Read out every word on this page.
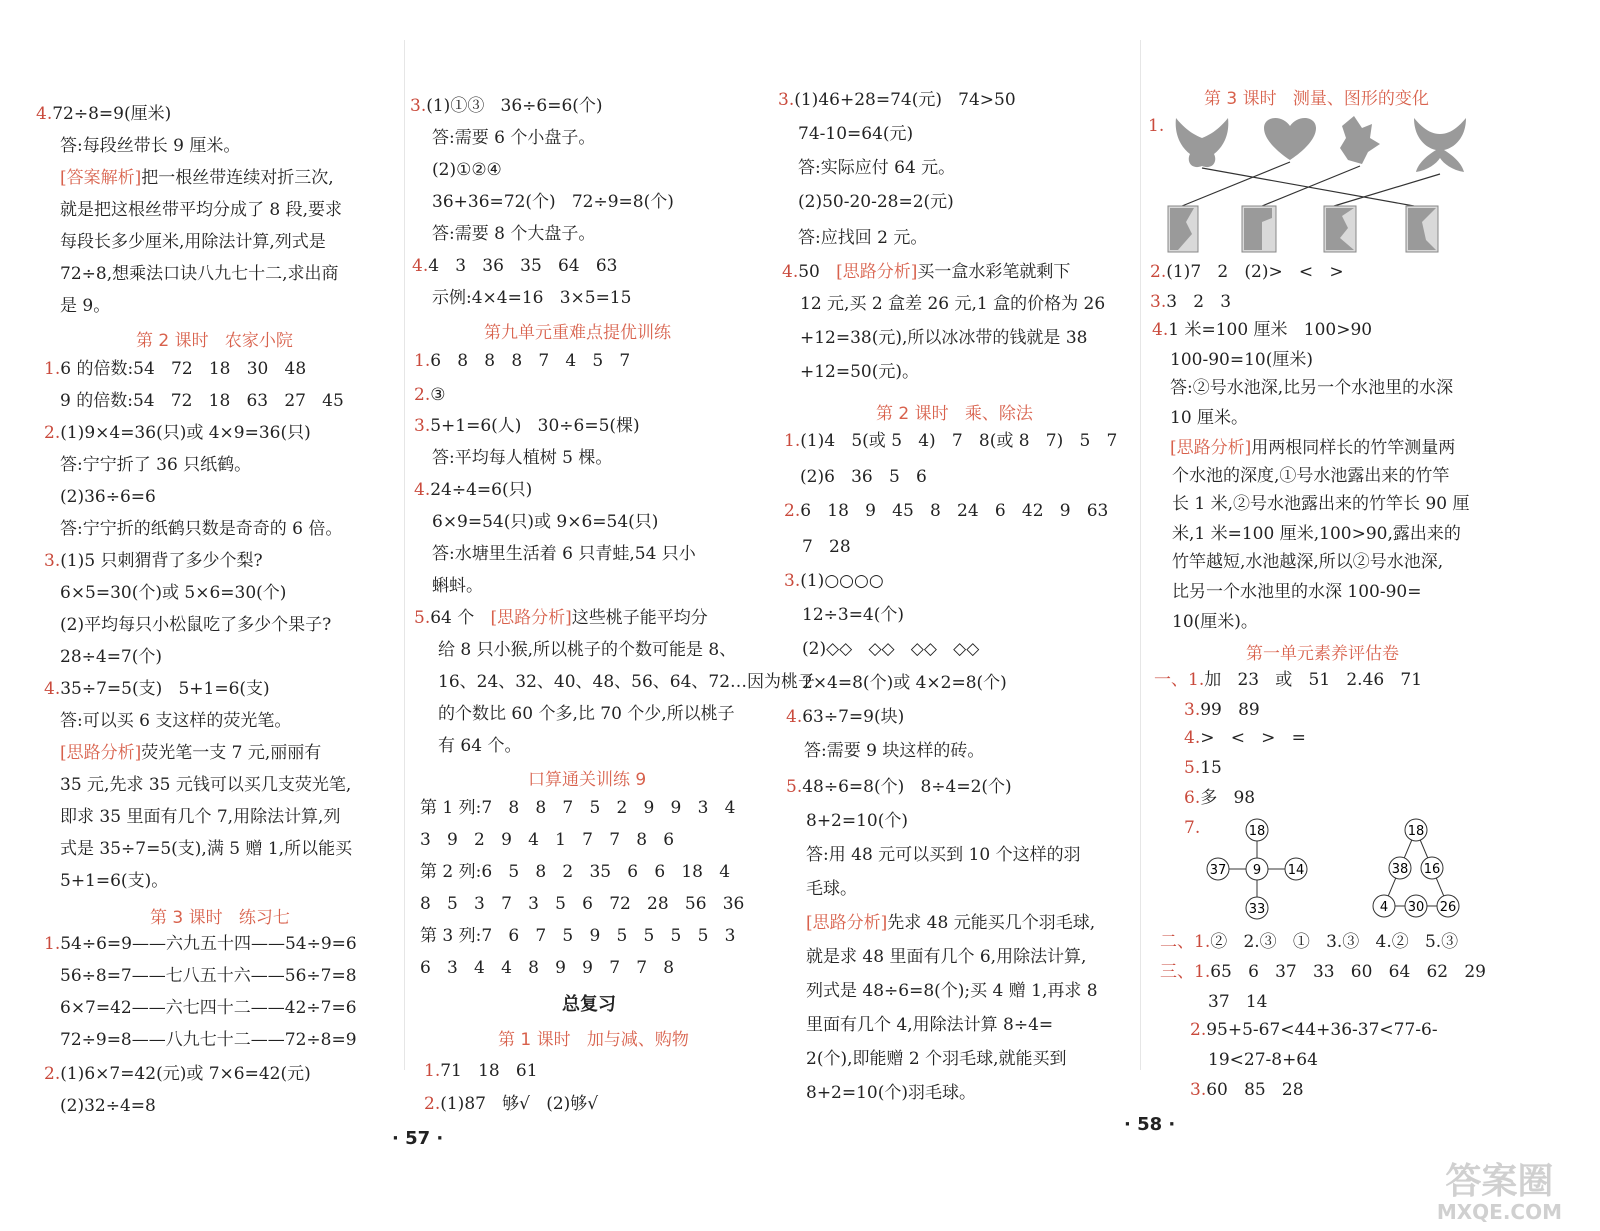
4.72÷8=9(厘米)
答:每段丝带长 9 厘米。
[答案解析]把一根丝带连续对折三次,
就是把这根丝带平均分成了 8 段,要求
每段长多少厘米,用除法计算,列式是
72÷8,想乘法口诀八九七十二,求出商
是 9。
1.6 的倍数:54   72   18   30   48
9 的倍数:54   72   18   63   27   45
2.(1)9×4=36(只)或 4×9=36(只)
答:宁宁折了 36 只纸鹤。
(2)36÷6=6
答:宁宁折的纸鹤只数是奇奇的 6 倍。
3.(1)5 只刺猬背了多少个梨?
6×5=30(个)或 5×6=30(个)
(2)平均每只小松鼠吃了多少个果子?
28÷4=7(个)
4.35÷7=5(支)   5+1=6(支)
答:可以买 6 支这样的荧光笔。
[思路分析]荧光笔一支 7 元,丽丽有
35 元,先求 35 元钱可以买几支荧光笔,
即求 35 里面有几个 7,用除法计算,列
式是 35÷7=5(支),满 5 赠 1,所以能买
5+1=6(支)。
1.54÷6=9——六九五十四——54÷9=6
56÷8=7——七八五十六——56÷7=8
6×7=42——六七四十二——42÷7=6
72÷9=8——八九七十二——72÷8=9
2.(1)6×7=42(元)或 7×6=42(元)
(2)32÷4=8
3.(1)①③   36÷6=6(个)
答:需要 6 个小盘子。
(2)①②④
36+36=72(个)   72÷9=8(个)
答:需要 8 个大盘子。
4.4   3   36   35   64   63
示例:4×4=16   3×5=15
1.6   8   8   8   7   4   5   7
2.③
3.5+1=6(人)   30÷6=5(棵)
答:平均每人植树 5 棵。
4.24÷4=6(只)
6×9=54(只)或 9×6=54(只)
答:水塘里生活着 6 只青蛙,54 只小
蝌蚪。
5.64 个   [思路分析]这些桃子能平均分
给 8 只小猴,所以桃子的个数可能是 8、
16、24、32、40、48、56、64、72…因为桃子
的个数比 60 个多,比 70 个少,所以桃子
有 64 个。
第 1 列:7   8   8   7   5   2   9   9   3   4
3   9   2   9   4   1   7   7   8   6
第 2 列:6   5   8   2   35   6   6   18   4
8   5   3   7   3   5   6   72   28   56   36
第 3 列:7   6   7   5   9   5   5   5   5   3
6   3   4   4   8   9   9   7   7   8
1.71   18   61
2.(1)87   够√   (2)够√
3.(1)46+28=74(元)   74>50
74-10=64(元)
答:实际应付 64 元。
(2)50-20-28=2(元)
答:应找回 2 元。
4.50   [思路分析]买一盒水彩笔就剩下
12 元,买 2 盒差 26 元,1 盒的价格为 26
+12=38(元),所以冰冰带的钱就是 38
+12=50(元)。
1.(1)4   5(或 5   4)   7   8(或 8   7)   5   7
(2)6   36   5   6
2.6   18   9   45   8   24   6   42   9   63
7   28
3.(1)○○○○
12÷3=4(个)
(2)◇◇   ◇◇   ◇◇   ◇◇
2×4=8(个)或 4×2=8(个)
4.63÷7=9(块)
答:需要 9 块这样的砖。
5.48÷6=8(个)   8÷4=2(个)
8+2=10(个)
答:用 48 元可以买到 10 个这样的羽
毛球。
[思路分析]先求 48 元能买几个羽毛球,
就是求 48 里面有几个 6,用除法计算,
列式是 48÷6=8(个);买 4 赠 1,再求 8
里面有几个 4,用除法计算 8÷4=
2(个),即能赠 2 个羽毛球,就能买到
8+2=10(个)羽毛球。
1.
2.(1)7   2   (2)>   <   >
3.3   2   3
4.1 米=100 厘米   100>90
100-90=10(厘米)
答:②号水池深,比另一个水池里的水深
10 厘米。
[思路分析]用两根同样长的竹竿测量两
个水池的深度,①号水池露出来的竹竿
长 1 米,②号水池露出来的竹竿长 90 厘
米,1 米=100 厘米,100>90,露出来的
竹竿越短,水池越深,所以②号水池深,
比另一个水池里的水深 100-90=
10(厘米)。
一、1.加   23   或   51   2.46   71
3.99   89
4.>   <   >   =
5.15
6.多   98
7.
二、1.②   2.③   ①   3.③   4.②   5.③
三、1.65   6   37   33   60   64   62   29
37   14
2.95+5-67<44+36-37<77-6-
19<27-8+64
3.60   85   28
第 2 课时   农家小院
第 3 课时   练习七
第九单元重难点提优训练
口算通关训练 9
第 1 课时   加与减、购物
第 2 课时   乘、除法
第 3 课时   测量、图形的变化
第一单元素养评估卷
总复习
18
37 9 14
33
18
38 16
4 30 26
· 57 ·
· 58 ·
答案圈
MXQE.COM
